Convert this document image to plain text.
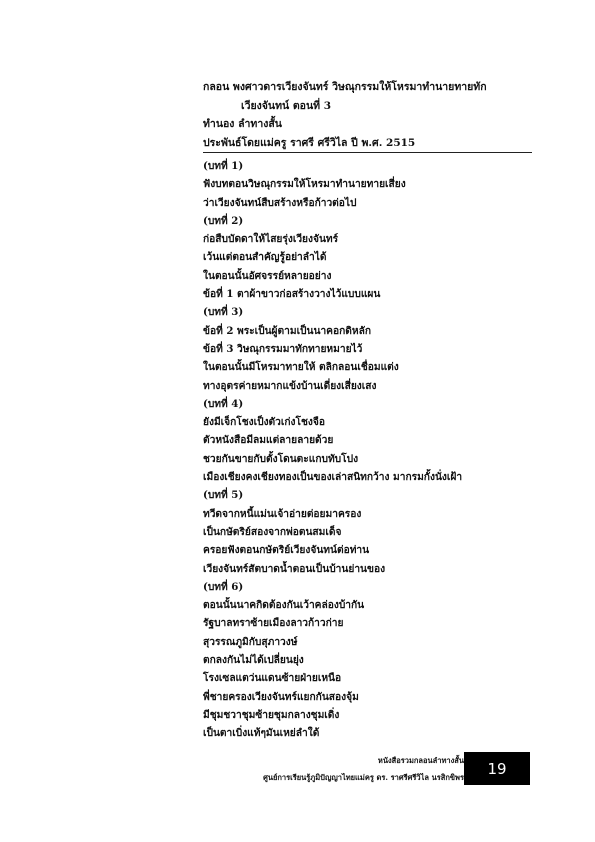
กลอน พงศาวดารเวียงจันทร์ วิษณุกรรมให้โหรมาทำนายทายทัก
เวียงจันทน์ ตอนที่ 3
ทำนอง ลำทางสั้น
ประพันธ์โดยแม่ครู ราศรี ศรีวิไล ปี พ.ศ. 2515
(บทที่ 1)
ฟังบทตอนวิษณุกรรมให้โหรมาทำนายทายเสี่ยง
ว่าเวียงจันทน์สืบสร้างหรือก้าวต่อไป
(บทที่ 2)
ก่อสืบบัดดาให้ไสยรุ่งเวียงจันทร์
เว้นแต่ตอนสำคัญรู้อย่าลำได้
ในตอนนั้นอัศจรรย์หลายอย่าง
ข้อที่ 1 ตาผ้าขาวก่อสร้างวางไว้แบบแผน
(บทที่ 3)
ข้อที่ 2 พระเป็นผู้ตามเป็นนาคอกดิหลัก
ข้อที่ 3 วิษณุกรรมมาทักทายหมายไว้
ในตอนนั้นมีโหรมาทายให้ ตลิกลอนเชื่อมแต่ง
ทางอุตรค่ายหมากแข้งบ้านเดี่ยงเสี่ยงเสง
(บทที่ 4)
ยังมีเจ็กโชงเป็งตัวเก่งโชงจือ
ตัวหนังสือมีลมแต่ลายลายด้วย
ชวยกันขายกับตั้งโดนตะแกบทับโปง
เมืองเชียงคงเชียงทองเป็นของเล่าสนิทกว้าง มากรมกั้งนั่งเฝ้า
(บทที่ 5)
ทวีดจากหนี้แม่นเจ้าอ่ายต่อยมาครอง
เป็นกษัตริย์สองจากพ่อตนสมเด็จ
ครอยฟังตอนกษัตริย์เวียงจันทน์ต่อท่าน
เวียงจันทร์สัตบาดน้ำตอนเป็นบ้านย่านของ
(บทที่ 6)
ตอนนั้นนาคกิดต้องกันเว้าคล่องบ้ากัน
รัฐบาลทราซ้ายเมืองลาวก้าวก่าย
สุวรรณภูมิกับสุภาวงษ์
ตกลงกันไม่ได้เปลี่ยนยุ่ง
โรงเซลแตว่นแดนซ้ายฝ่ายเหนือ
พี่ชายครองเวียงจันทร์แยกกันสองจุ้ม
มีชุมชวาชุมซ้ายชุมกลางชุมเดิ่ง
เป็นตาเบิ่งแท้ๆมันเหย่ลำใด้
หนังสือรวมกลอนลำทางสั้น
ศูนย์การเรียนรู้ภูมิปัญญาไทยแม่ครู ดร. ราศรีศรีวิไล นรสิกขิพร 19
